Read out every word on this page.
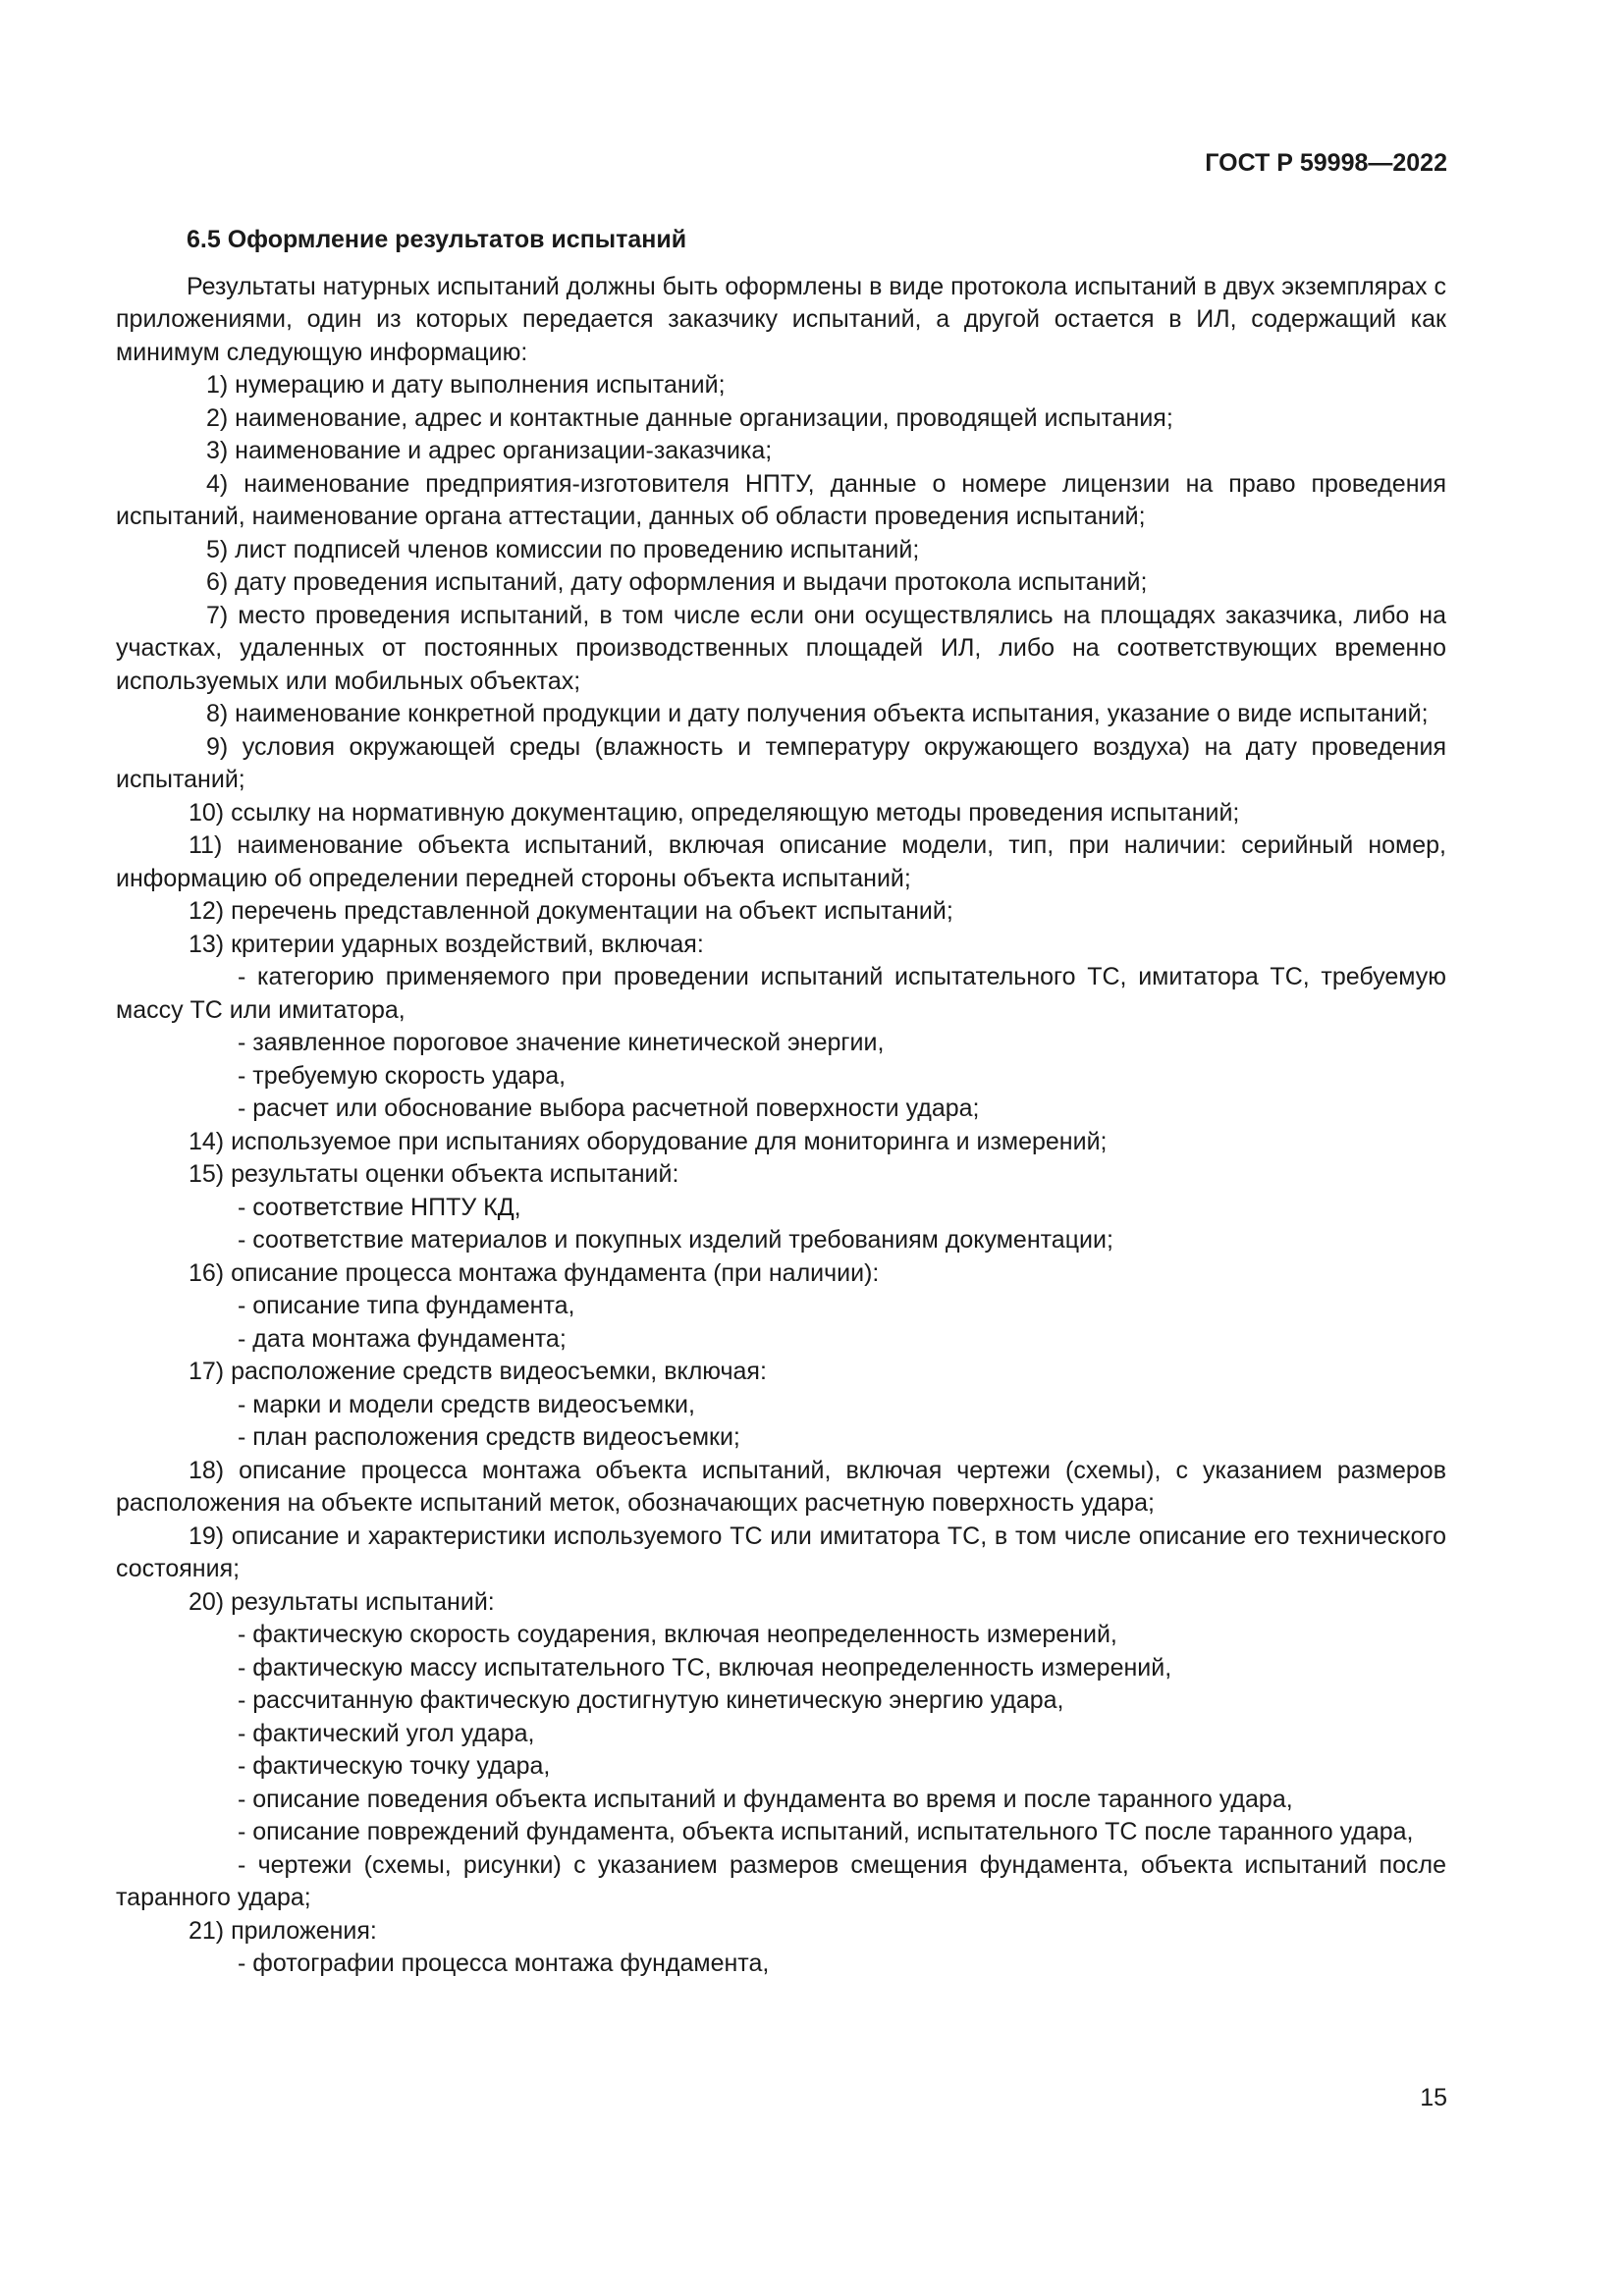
ГОСТ Р 59998—2022
6.5 Оформление результатов испытаний

Результаты натурных испытаний должны быть оформлены в виде протокола испытаний в двух экземплярах с приложениями, один из которых передается заказчику испытаний, а другой остается в ИЛ, содержащий как минимум следующую информацию:

1) нумерацию и дату выполнения испытаний;

2) наименование, адрес и контактные данные организации, проводящей испытания;

3) наименование и адрес организации-заказчика;

4) наименование предприятия-изготовителя НПТУ, данные о номере лицензии на право проведения испытаний, наименование органа аттестации, данных об области проведения испытаний;

5) лист подписей членов комиссии по проведению испытаний;

6) дату проведения испытаний, дату оформления и выдачи протокола испытаний;

7) место проведения испытаний, в том числе если они осуществлялись на площадях заказчика, либо на участках, удаленных от постоянных производственных площадей ИЛ, либо на соответствующих временно используемых или мобильных объектах;

8) наименование конкретной продукции и дату получения объекта испытания, указание о виде испытаний;

9) условия окружающей среды (влажность и температуру окружающего воздуха) на дату проведения испытаний;

10) ссылку на нормативную документацию, определяющую методы проведения испытаний;

11) наименование объекта испытаний, включая описание модели, тип, при наличии: серийный номер, информацию об определении передней стороны объекта испытаний;

12) перечень представленной документации на объект испытаний;

13) критерии ударных воздействий, включая:

- категорию применяемого при проведении испытаний испытательного ТС, имитатора ТС, требуемую массу ТС или имитатора,

- заявленное пороговое значение кинетической энергии,

- требуемую скорость удара,

- расчет или обоснование выбора расчетной поверхности удара;

14) используемое при испытаниях оборудование для мониторинга и измерений;

15) результаты оценки объекта испытаний:

- соответствие НПТУ КД,

- соответствие материалов и покупных изделий требованиям документации;

16) описание процесса монтажа фундамента (при наличии):

- описание типа фундамента,

- дата монтажа фундамента;

17) расположение средств видеосъемки, включая:

- марки и модели средств видеосъемки,

- план расположения средств видеосъемки;

18) описание процесса монтажа объекта испытаний, включая чертежи (схемы), с указанием размеров расположения на объекте испытаний меток, обозначающих расчетную поверхность удара;

19) описание и характеристики используемого ТС или имитатора ТС, в том числе описание его технического состояния;

20) результаты испытаний:

- фактическую скорость соударения, включая неопределенность измерений,

- фактическую массу испытательного ТС, включая неопределенность измерений,

- рассчитанную фактическую достигнутую кинетическую энергию удара,

- фактический угол удара,

- фактическую точку удара,

- описание поведения объекта испытаний и фундамента во время и после таранного удара,

- описание повреждений фундамента, объекта испытаний, испытательного ТС после таранного удара,

- чертежи (схемы, рисунки) с указанием размеров смещения фундамента, объекта испытаний после таранного удара;

21) приложения:

- фотографии процесса монтажа фундамента,

15
